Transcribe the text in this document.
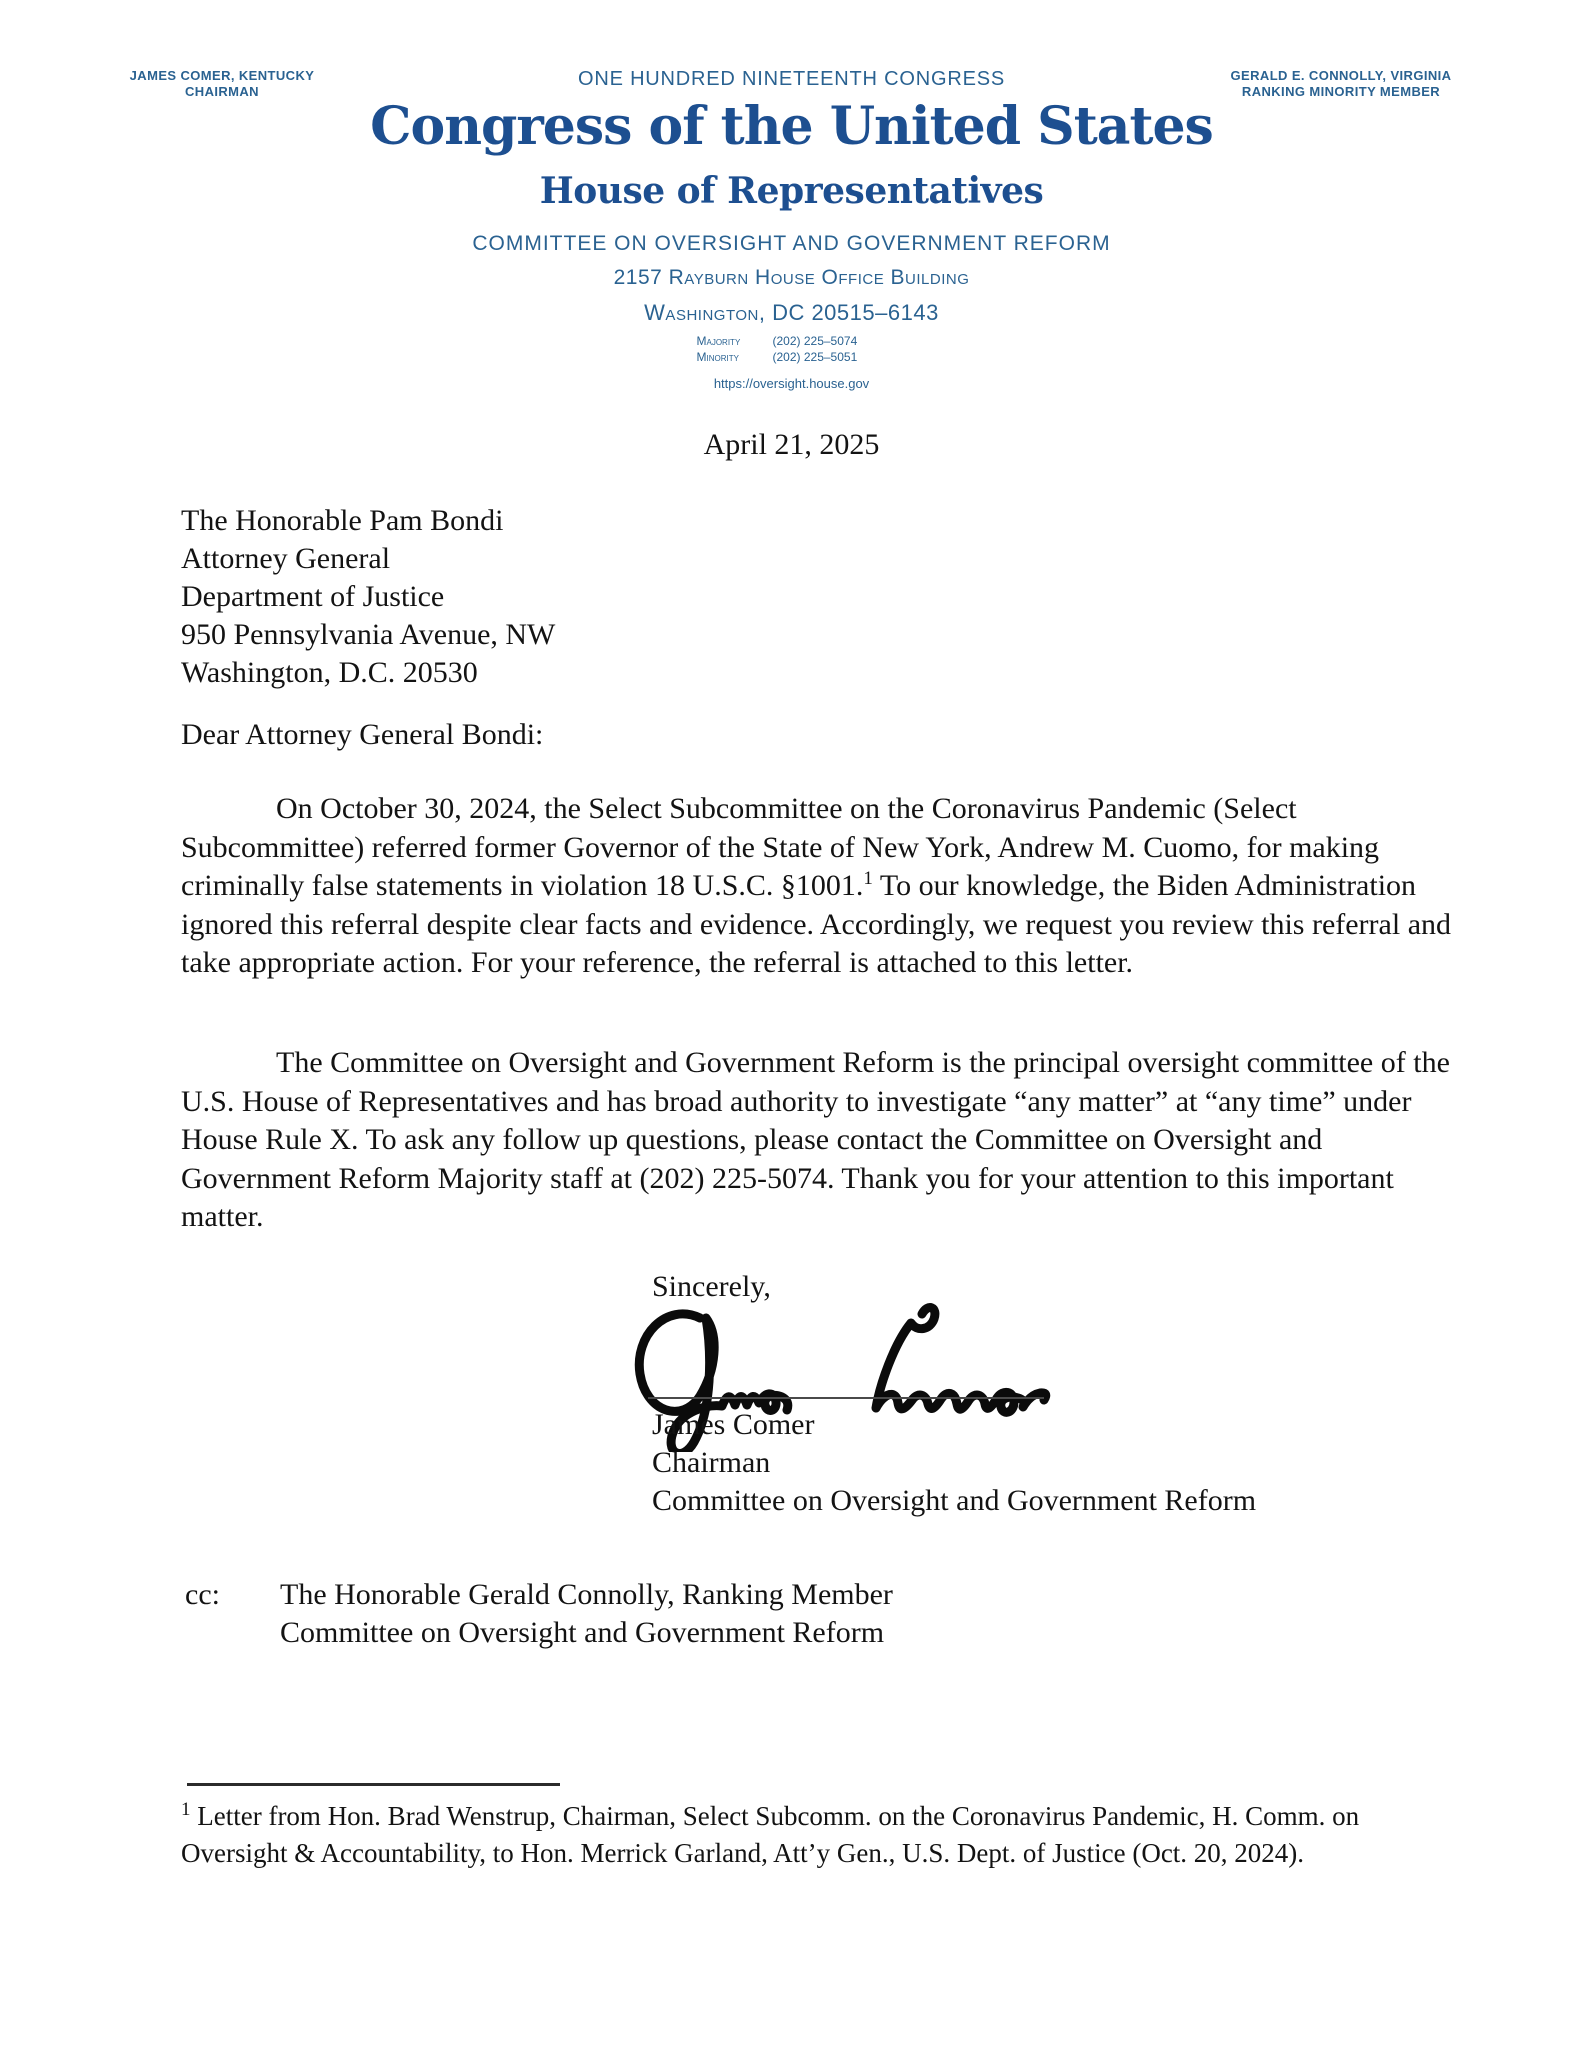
JAMES COMER, KENTUCKY
CHAIRMAN
GERALD E. CONNOLLY, VIRGINIA
RANKING MINORITY MEMBER
ONE HUNDRED NINETEENTH CONGRESS
Congress of the United States
House of Representatives
COMMITTEE ON OVERSIGHT AND GOVERNMENT REFORM
2157 Rayburn House Office Building
Washington, DC 20515–6143
Majority	(202) 225–5074
Minority	(202) 225–5051
https://oversight.house.gov
April 21, 2025
The Honorable Pam Bondi
Attorney General
Department of Justice
950 Pennsylvania Avenue, NW
Washington, D.C. 20530
Dear Attorney General Bondi:

On October 30, 2024, the Select Subcommittee on the Coronavirus Pandemic (Select Subcommittee) referred former Governor of the State of New York, Andrew M. Cuomo, for making criminally false statements in violation 18 U.S.C. §1001.$^1$ To our knowledge, the Biden Administration ignored this referral despite clear facts and evidence. Accordingly, we request you review this referral and take appropriate action. For your reference, the referral is attached to this letter.

The Committee on Oversight and Government Reform is the principal oversight committee of the U.S. House of Representatives and has broad authority to investigate “any matter” at “any time” under House Rule X. To ask any follow up questions, please contact the Committee on Oversight and Government Reform Majority staff at (202) 225-5074. Thank you for your attention to this important matter.

Sincerely,
James Comer
Chairman
Committee on Oversight and Government Reform
cc:	The Honorable Gerald Connolly, Ranking Member
Committee on Oversight and Government Reform
$^1$ Letter from Hon. Brad Wenstrup, Chairman, Select Subcomm. on the Coronavirus Pandemic, H. Comm. on Oversight & Accountability, to Hon. Merrick Garland, Att’y Gen., U.S. Dept. of Justice (Oct. 20, 2024).
